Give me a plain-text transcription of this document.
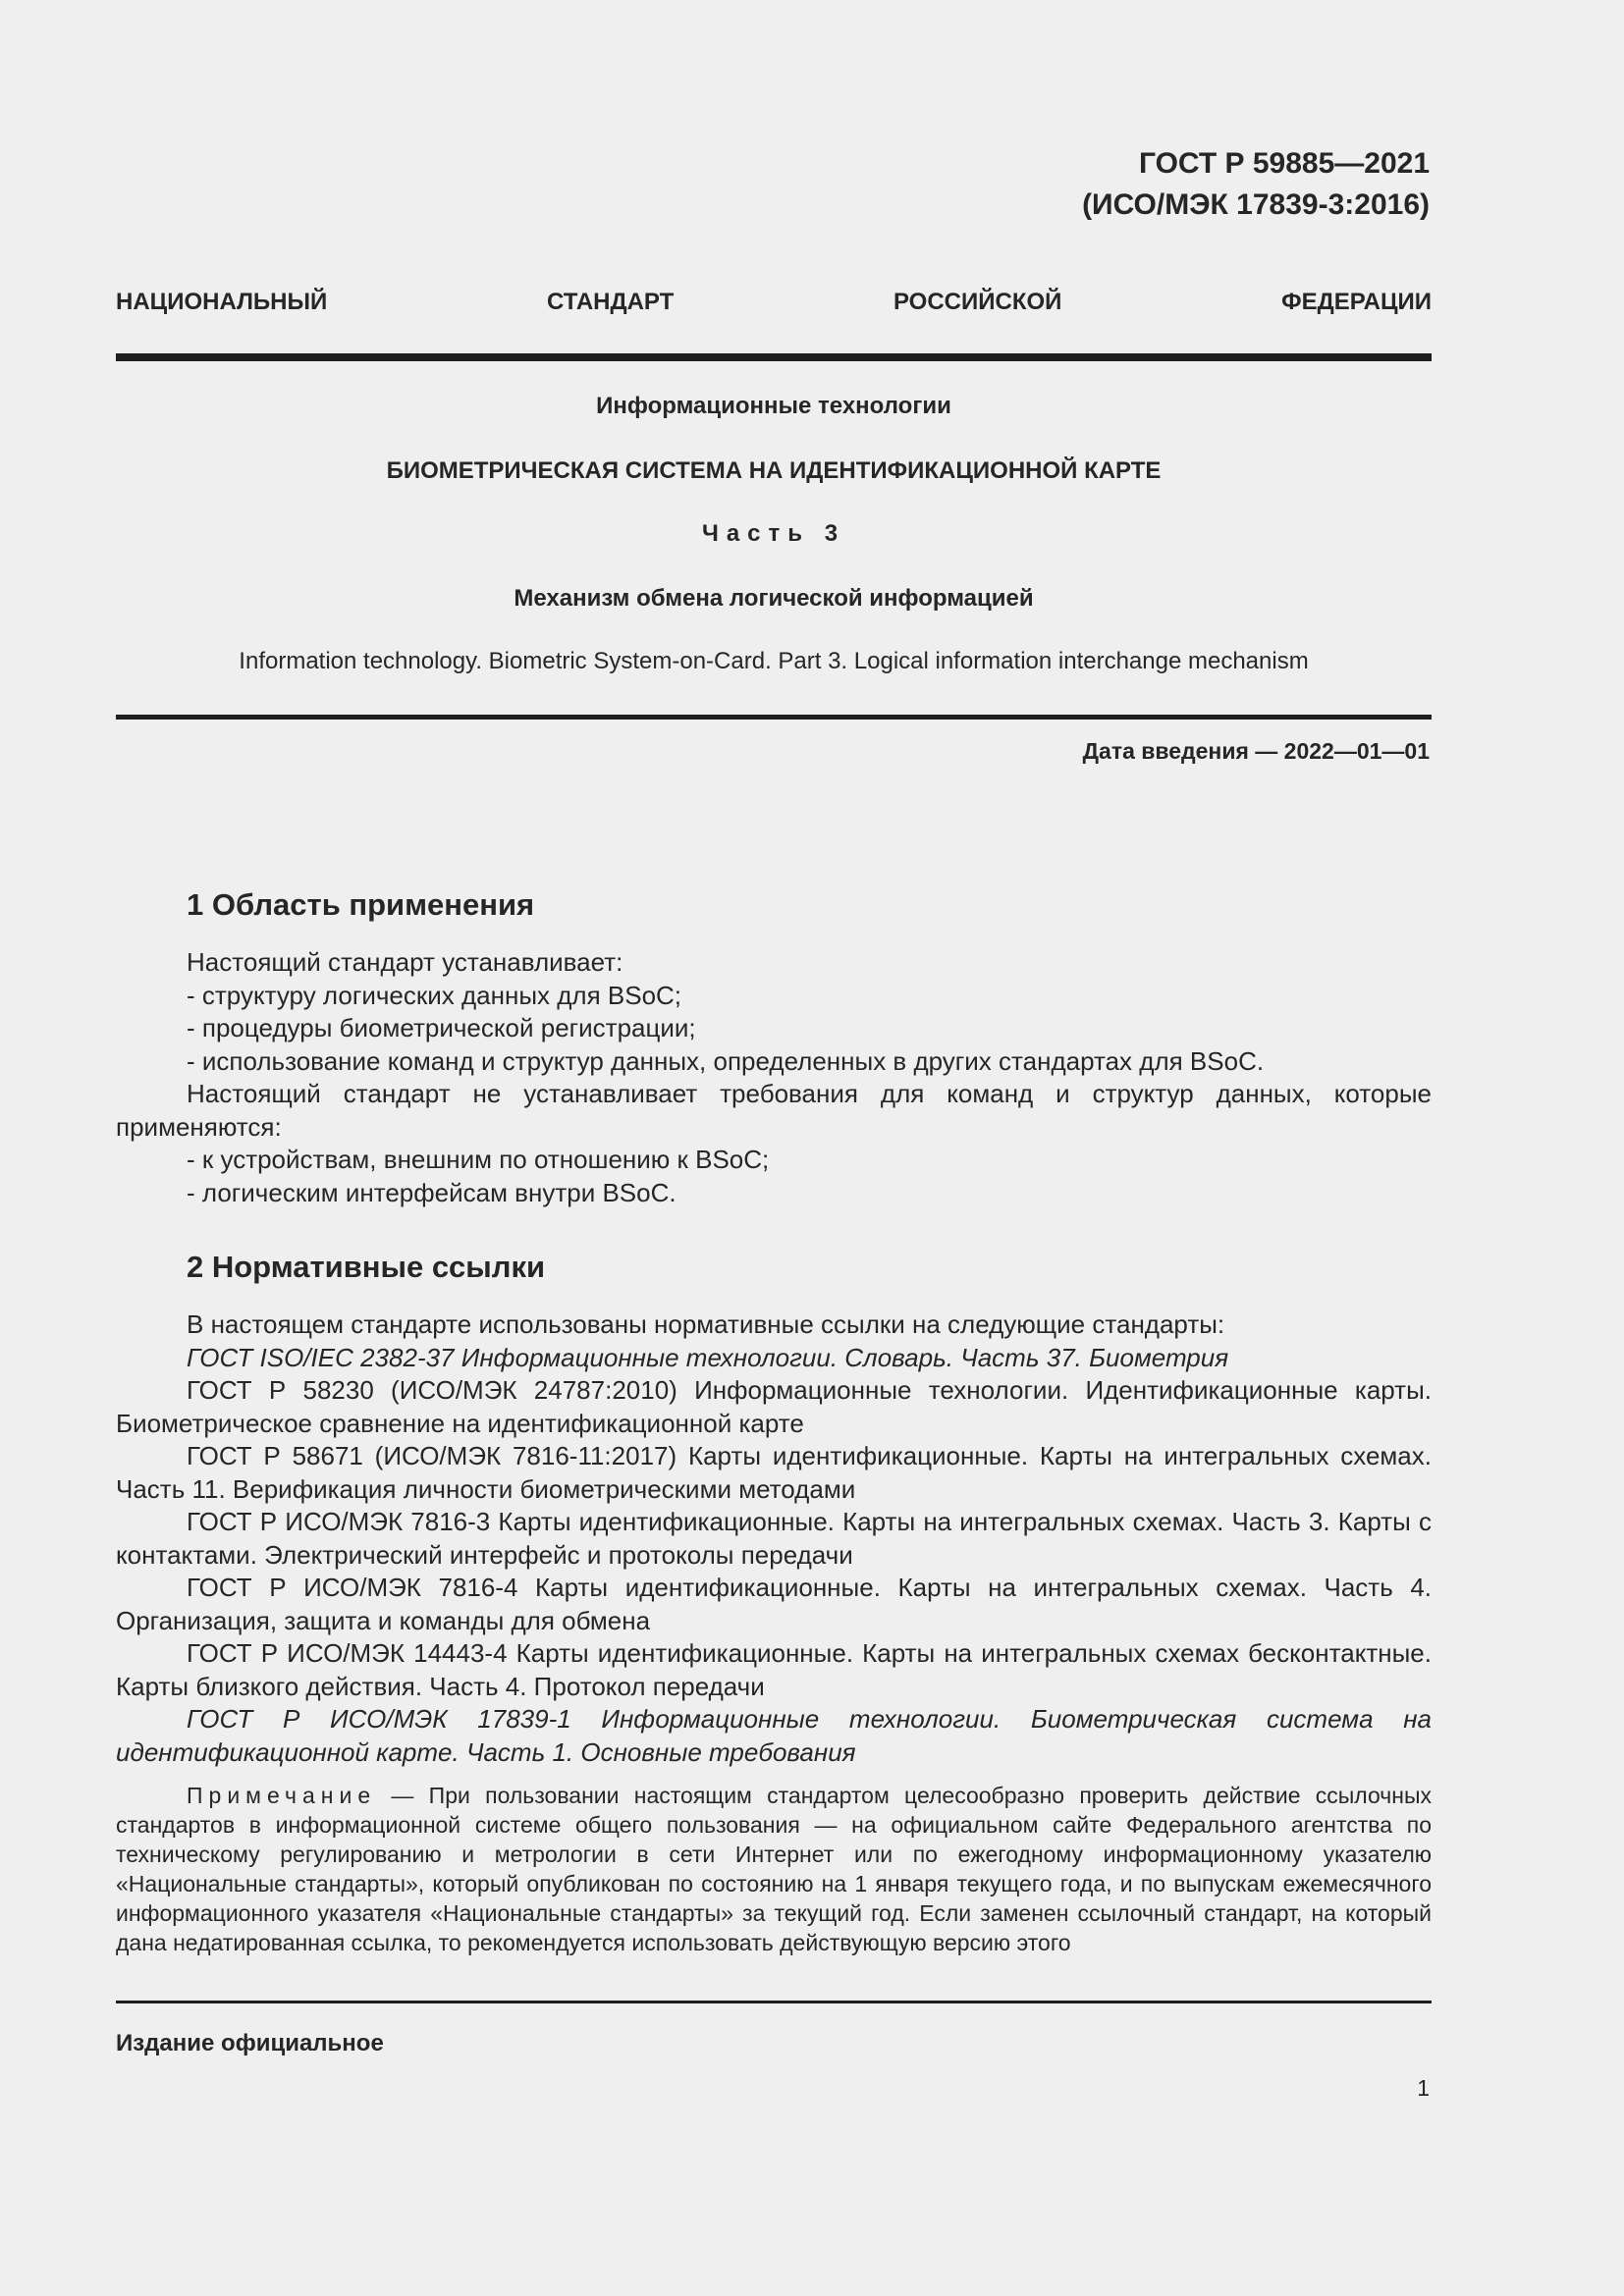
ГОСТ Р 59885—2021
(ИСО/МЭК 17839-3:2016)
НАЦИОНАЛЬНЫЙ	СТАНДАРТ	РОССИЙСКОЙ	ФЕДЕРАЦИИ
Информационные технологии
БИОМЕТРИЧЕСКАЯ СИСТЕМА НА ИДЕНТИФИКАЦИОННОЙ КАРТЕ
Часть 3
Механизм обмена логической информацией
Information technology. Biometric System-on-Card. Part 3. Logical information interchange mechanism
Дата введения — 2022—01—01
1 Область применения

Настоящий стандарт устанавливает:

- структуру логических данных для BSoC;

- процедуры биометрической регистрации;

- использование команд и структур данных, определенных в других стандартах для BSoC.

Настоящий стандарт не устанавливает требования для команд и структур данных, которые применяются:

- к устройствам, внешним по отношению к BSoC;

- логическим интерфейсам внутри BSoC.

2 Нормативные ссылки

В настоящем стандарте использованы нормативные ссылки на следующие стандарты:

ГОСТ ISO/IEC 2382-37 Информационные технологии. Словарь. Часть 37. Биометрия

ГОСТ Р 58230 (ИСО/МЭК 24787:2010) Информационные технологии. Идентификационные карты. Биометрическое сравнение на идентификационной карте

ГОСТ Р 58671 (ИСО/МЭК 7816-11:2017) Карты идентификационные. Карты на интегральных схемах. Часть 11. Верификация личности биометрическими методами

ГОСТ Р ИСО/МЭК 7816-3 Карты идентификационные. Карты на интегральных схемах. Часть 3. Карты с контактами. Электрический интерфейс и протоколы передачи

ГОСТ Р ИСО/МЭК 7816-4 Карты идентификационные. Карты на интегральных схемах. Часть 4. Организация, защита и команды для обмена

ГОСТ Р ИСО/МЭК 14443-4 Карты идентификационные. Карты на интегральных схемах бесконтактные. Карты близкого действия. Часть 4. Протокол передачи

ГОСТ Р ИСО/МЭК 17839-1 Информационные технологии. Биометрическая система на идентификационной карте. Часть 1. Основные требования

Примечание — При пользовании настоящим стандартом целесообразно проверить действие ссылочных стандартов в информационной системе общего пользования — на официальном сайте Федерального агентства по техническому регулированию и метрологии в сети Интернет или по ежегодному информационному указателю «Национальные стандарты», который опубликован по состоянию на 1 января текущего года, и по выпускам ежемесячного информационного указателя «Национальные стандарты» за текущий год. Если заменен ссылочный стандарт, на который дана недатированная ссылка, то рекомендуется использовать действующую версию этого
Издание официальное
1
